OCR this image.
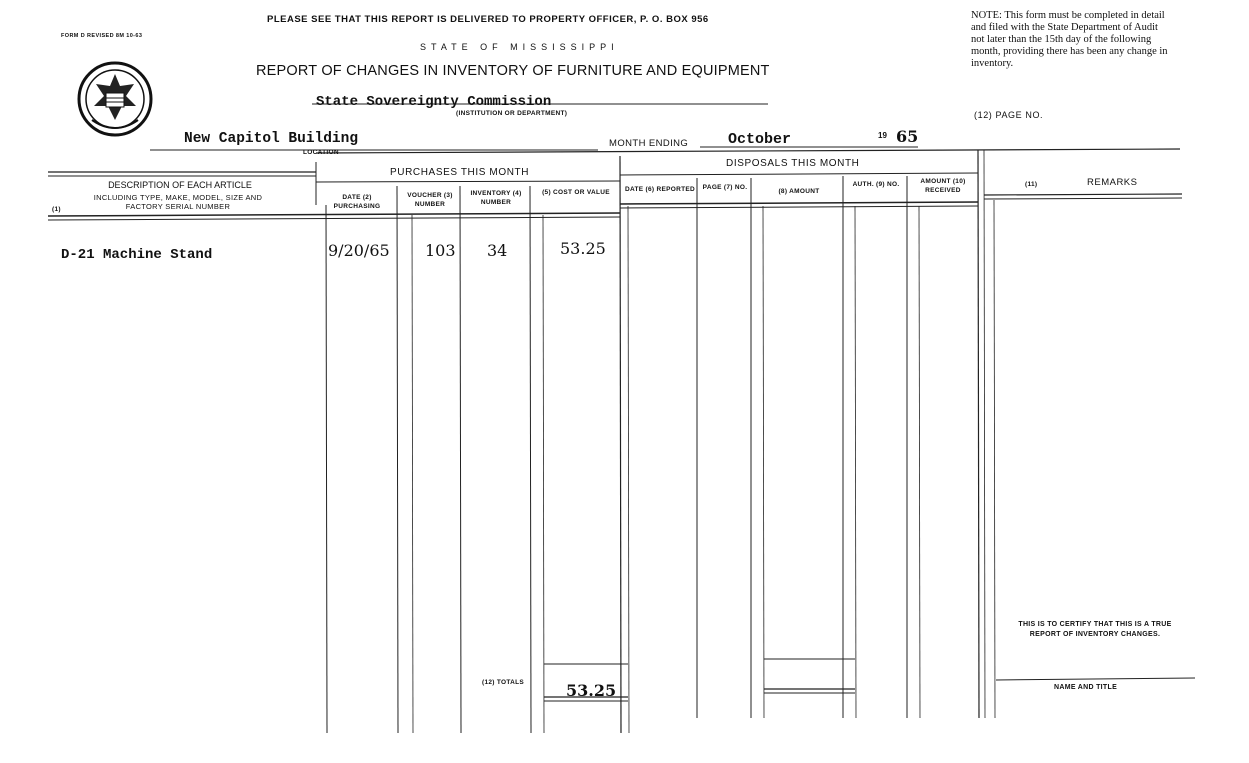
FORM D REVISED 8M 10-63
PLEASE SEE THAT THIS REPORT IS DELIVERED TO PROPERTY OFFICER, P. O. BOX 956
STATE OF MISSISSIPPI
REPORT OF CHANGES IN INVENTORY OF FURNITURE AND EQUIPMENT
State Sovereignty Commission
(INSTITUTION OR DEPARTMENT)
New Capitol Building
LOCATION
MONTH ENDING	October	19 65
NOTE: This form must be completed in detail and filed with the State Department of Audit not later than the 15th day of the following month, providing there has been any change in inventory.
(12) PAGE NO.
DESCRIPTION OF EACH ARTICLE
INCLUDING TYPE, MAKE, MODEL, SIZE AND FACTORY SERIAL NUMBER
(1)
PURCHASES THIS MONTH
DATE (2) PURCHASING
VOUCHER (3) NUMBER
INVENTORY (4) NUMBER
(5) COST OR VALUE
DISPOSALS THIS MONTH
DATE (6) REPORTED	PAGE (7) NO.
(8) AMOUNT
AUTH. (9) NO.	AMOUNT (10) RECEIVED
(11)	REMARKS
D-21 Machine Stand	9/20/65 103 34	53.25
(12) TOTALS	53.25
THIS IS TO CERTIFY THAT THIS IS A TRUE REPORT OF INVENTORY CHANGES.
NAME AND TITLE
